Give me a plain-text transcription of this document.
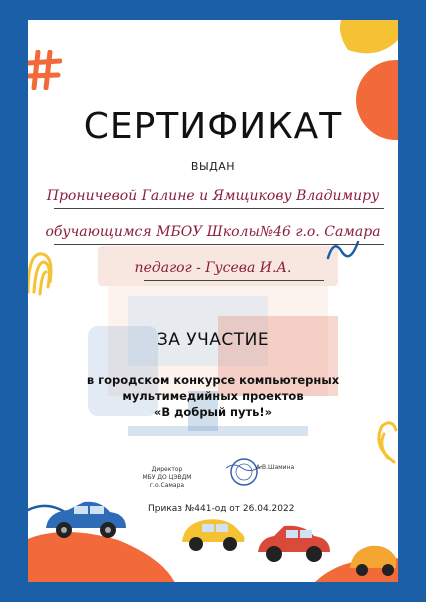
СЕРТИФИКАТ
ВЫДАН
Проничевой Галине и Ямщикову Владимиру
обучающимся МБОУ Школы№46 г.о. Самара
педагог - Гусева И.А.
ЗА УЧАСТИЕ
в городском конкурсе компьютерных
мультимедийных проектов
«В добрый путь!»
Директор
МБУ ДО ЦЭВДМ
г.о.Самара
А.В.Шамина
Приказ №441-од от 26.04.2022
